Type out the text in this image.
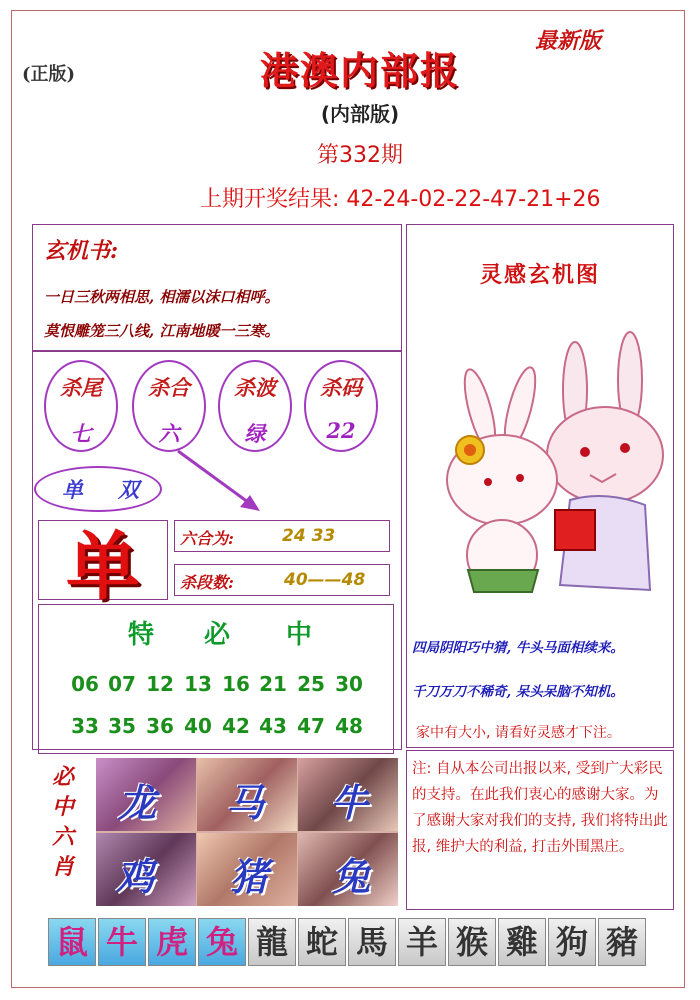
(正版)
最新版
港澳内部报
(内部版)
第332期
上期开奖结果: 42-24-02-22-47-21+26
玄机书:
一日三秋两相思, 相濡以沫口相呼。
莫恨雕笼三八线, 江南地暖一三寒。
杀尾
七
杀合
六
杀波
绿
杀码
22
单 双
单	六合为:	24 33
杀段数:	40——48
特 必 中
06 07 12 13 16 21 25 30
33 35 36 40 42 43 47 48
必
中
六
肖
龙 马 牛
鸡 猪 兔
灵感玄机图
四局阴阳巧中猜, 牛头马面相续来。
千刀万刀不稀奇, 呆头呆脑不知机。
家中有大小, 请看好灵感才下注。
注: 自从本公司出报以来, 受到广大彩民的支持。在此我们衷心的感谢大家。为了感谢大家对我们的支持, 我们将特出此报, 维护大的利益, 打击外围黑庄。
鼠 牛 虎 兔 龍 蛇 馬 羊 猴 雞 狗 豬
